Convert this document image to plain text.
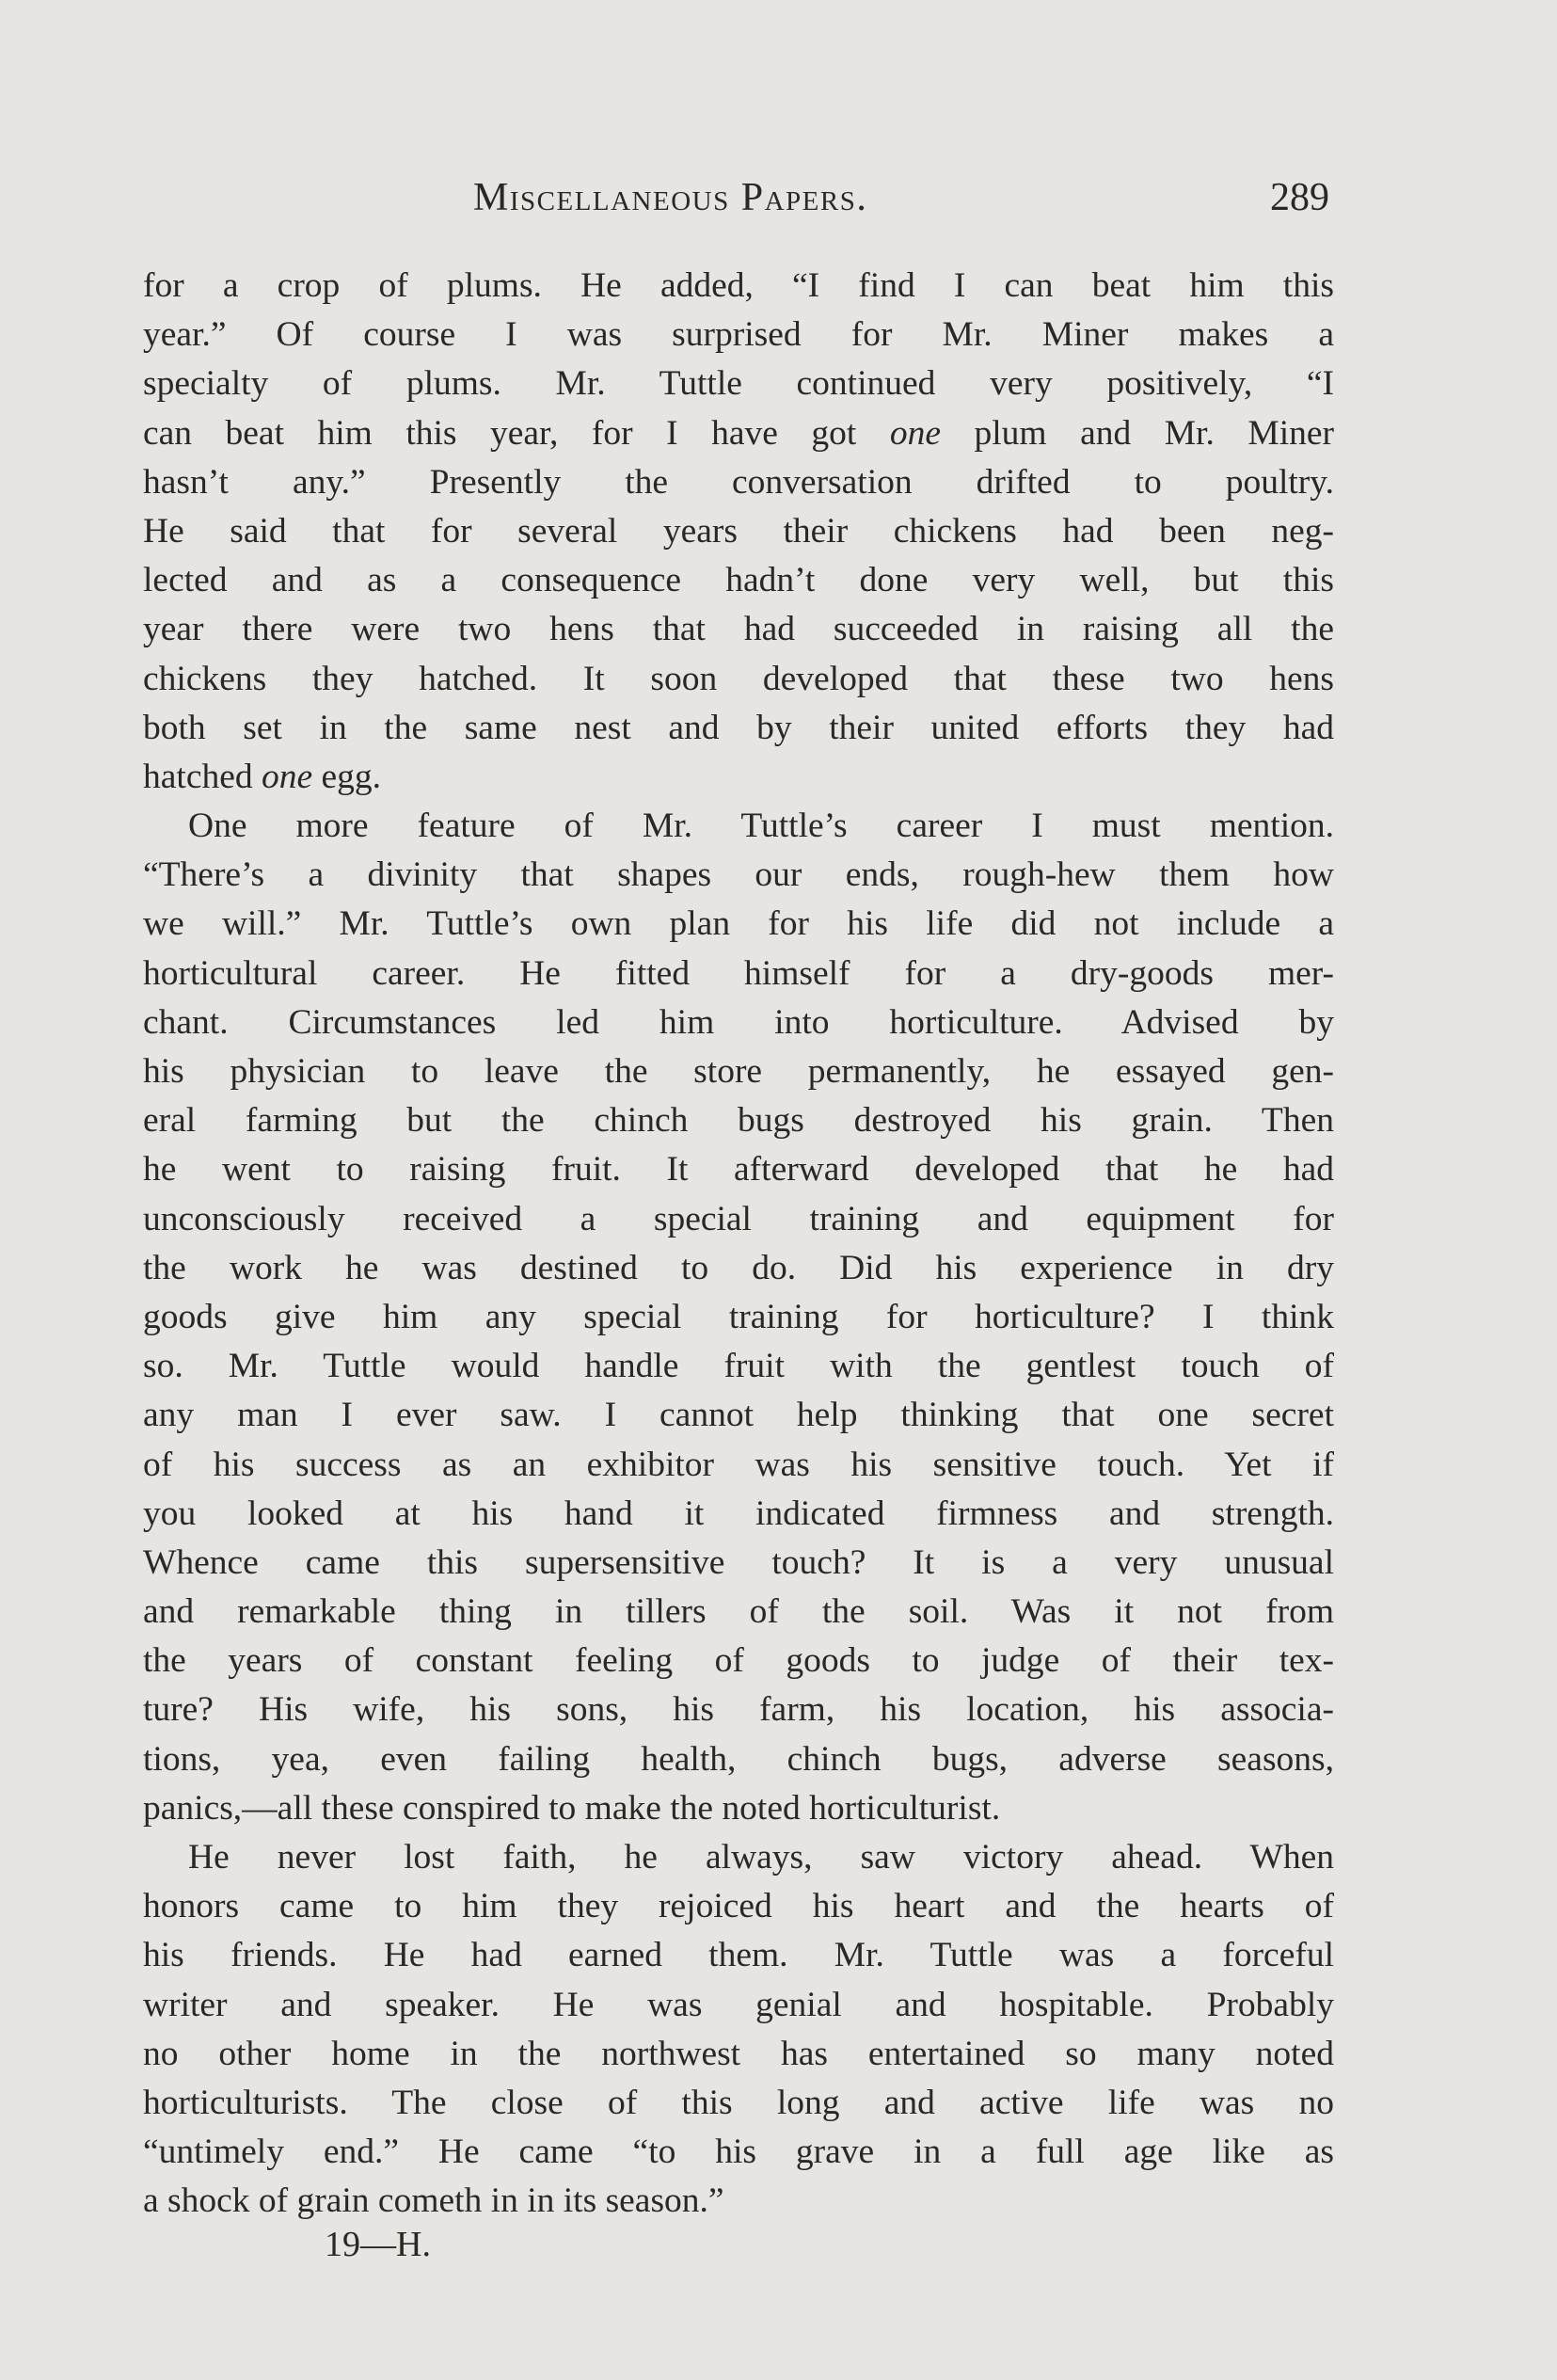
Miscellaneous Papers.	289
for a crop of plums. He added, “I find I can beat him this
year.” Of course I was surprised for Mr. Miner makes a
specialty of plums. Mr. Tuttle continued very positively, “I
can beat him this year, for I have got one plum and Mr. Miner
hasn’t any.” Presently the conversation drifted to poultry.
He said that for several years their chickens had been neg-
lected and as a consequence hadn’t done very well, but this
year there were two hens that had succeeded in raising all the
chickens they hatched. It soon developed that these two hens
both set in the same nest and by their united efforts they had
hatched one egg.
One more feature of Mr. Tuttle’s career I must mention.
“There’s a divinity that shapes our ends, rough-hew them how
we will.” Mr. Tuttle’s own plan for his life did not include a
horticultural career. He fitted himself for a dry-goods mer-
chant. Circumstances led him into horticulture. Advised by
his physician to leave the store permanently, he essayed gen-
eral farming but the chinch bugs destroyed his grain. Then
he went to raising fruit. It afterward developed that he had
unconsciously received a special training and equipment for
the work he was destined to do. Did his experience in dry
goods give him any special training for horticulture? I think
so. Mr. Tuttle would handle fruit with the gentlest touch of
any man I ever saw. I cannot help thinking that one secret
of his success as an exhibitor was his sensitive touch. Yet if
you looked at his hand it indicated firmness and strength.
Whence came this supersensitive touch? It is a very unusual
and remarkable thing in tillers of the soil. Was it not from
the years of constant feeling of goods to judge of their tex-
ture? His wife, his sons, his farm, his location, his associa-
tions, yea, even failing health, chinch bugs, adverse seasons,
panics,—all these conspired to make the noted horticulturist.
He never lost faith, he always, saw victory ahead. When
honors came to him they rejoiced his heart and the hearts of
his friends. He had earned them. Mr. Tuttle was a forceful
writer and speaker. He was genial and hospitable. Probably
no other home in the northwest has entertained so many noted
horticulturists. The close of this long and active life was no
“untimely end.” He came “to his grave in a full age like as
a shock of grain cometh in in its season.”
19—H.
